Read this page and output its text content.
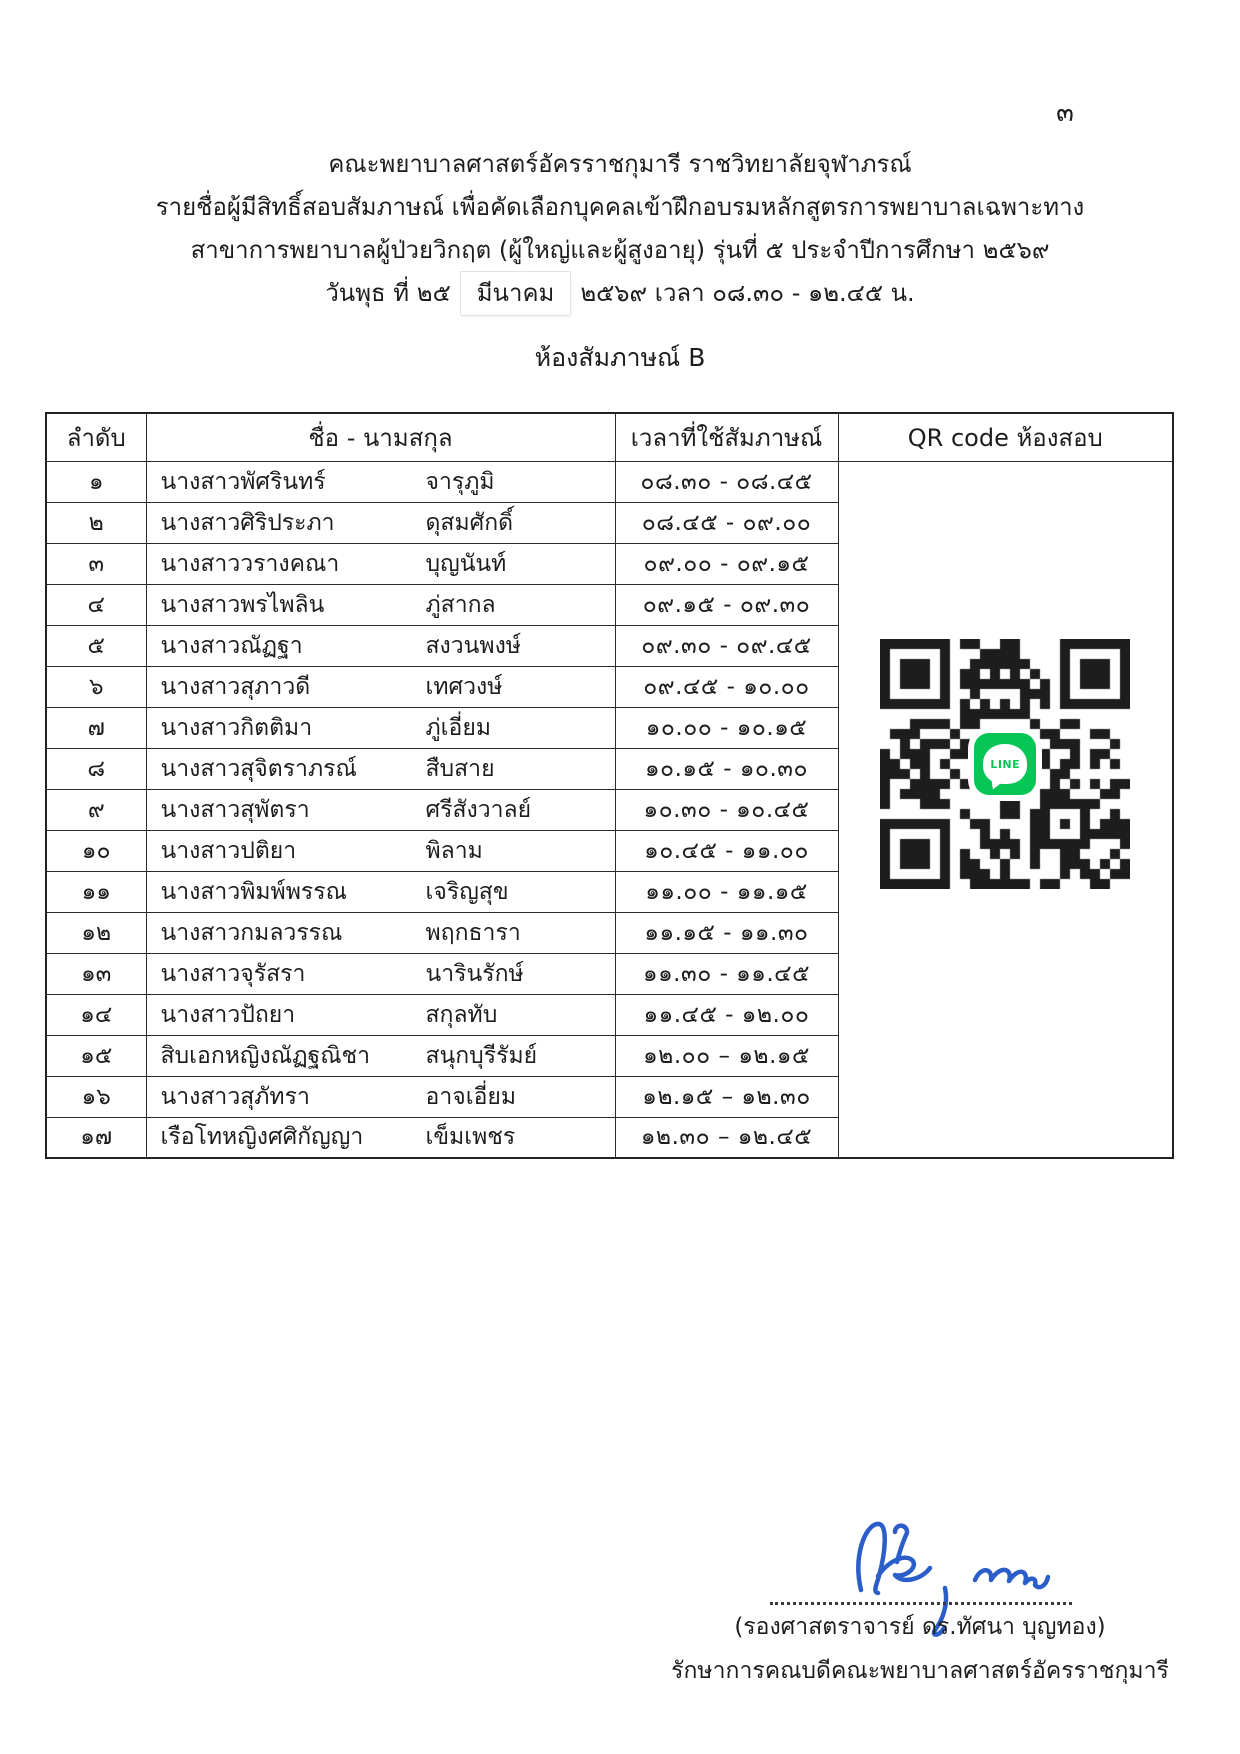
๓
คณะพยาบาลศาสตร์อัครราชกุมารี ราชวิทยาลัยจุฬาภรณ์
รายชื่อผู้มีสิทธิ์สอบสัมภาษณ์ เพื่อคัดเลือกบุคคลเข้าฝึกอบรมหลักสูตรการพยาบาลเฉพาะทาง
สาขาการพยาบาลผู้ป่วยวิกฤต (ผู้ใหญ่และผู้สูงอายุ) รุ่นที่ ๕ ประจำปีการศึกษา ๒๕๖๙
วันพุธ ที่ ๒๕ มีนาคม ๒๕๖๙ เวลา ๐๘.๓๐ - ๑๒.๔๕ น.
ห้องสัมภาษณ์ B
ลำดับ	ชื่อ - นามสกุล	เวลาที่ใช้สัมภาษณ์	QR code ห้องสอบ
๑	นางสาวพัศรินทร์ จารุภูมิ	๐๘.๓๐ - ๐๘.๔๕	LINE

๒	นางสาวศิริประภา ดุสมศักดิ์	๐๘.๔๕ - ๐๙.๐๐	
๓	นางสาววรางคณา บุญนันท์	๐๙.๐๐ - ๐๙.๑๕	
๔	นางสาวพรไพลิน ภู่สากล	๐๙.๑๕ - ๐๙.๓๐	
๕	นางสาวณัฏฐา สงวนพงษ์	๐๙.๓๐ - ๐๙.๔๕	
๖	นางสาวสุภาวดี เทศวงษ์	๐๙.๔๕ - ๑๐.๐๐	
๗	นางสาวกิตติมา ภู่เอี่ยม	๑๐.๐๐ - ๑๐.๑๕	
๘	นางสาวสุจิตราภรณ์ สืบสาย	๑๐.๑๕ - ๑๐.๓๐	
๙	นางสาวสุพัตรา ศรีสังวาลย์	๑๐.๓๐ - ๑๐.๔๕	
๑๐	นางสาวปติยา พิลาม	๑๐.๔๕ - ๑๑.๐๐	
๑๑	นางสาวพิมพ์พรรณ เจริญสุข	๑๑.๐๐ - ๑๑.๑๕	
๑๒	นางสาวกมลวรรณ พฤกธารา	๑๑.๑๕ - ๑๑.๓๐	
๑๓	นางสาวจุรัสรา นารินรักษ์	๑๑.๓๐ - ๑๑.๔๕	
๑๔	นางสาวปัถยา สกุลทับ	๑๑.๔๕ - ๑๒.๐๐	
๑๕	สิบเอกหญิงณัฏฐณิชา สนุกบุรีรัมย์	๑๒.๐๐ – ๑๒.๑๕	
๑๖	นางสาวสุภัทรา อาจเอี่ยม	๑๒.๑๕ – ๑๒.๓๐	
๑๗	เรือโทหญิงศศิกัญญา เข็มเพชร	๑๒.๓๐ – ๑๒.๔๕	
(รองศาสตราจารย์ ดร.ทัศนา บุญทอง)
รักษาการคณบดีคณะพยาบาลศาสตร์อัครราชกุมารี
